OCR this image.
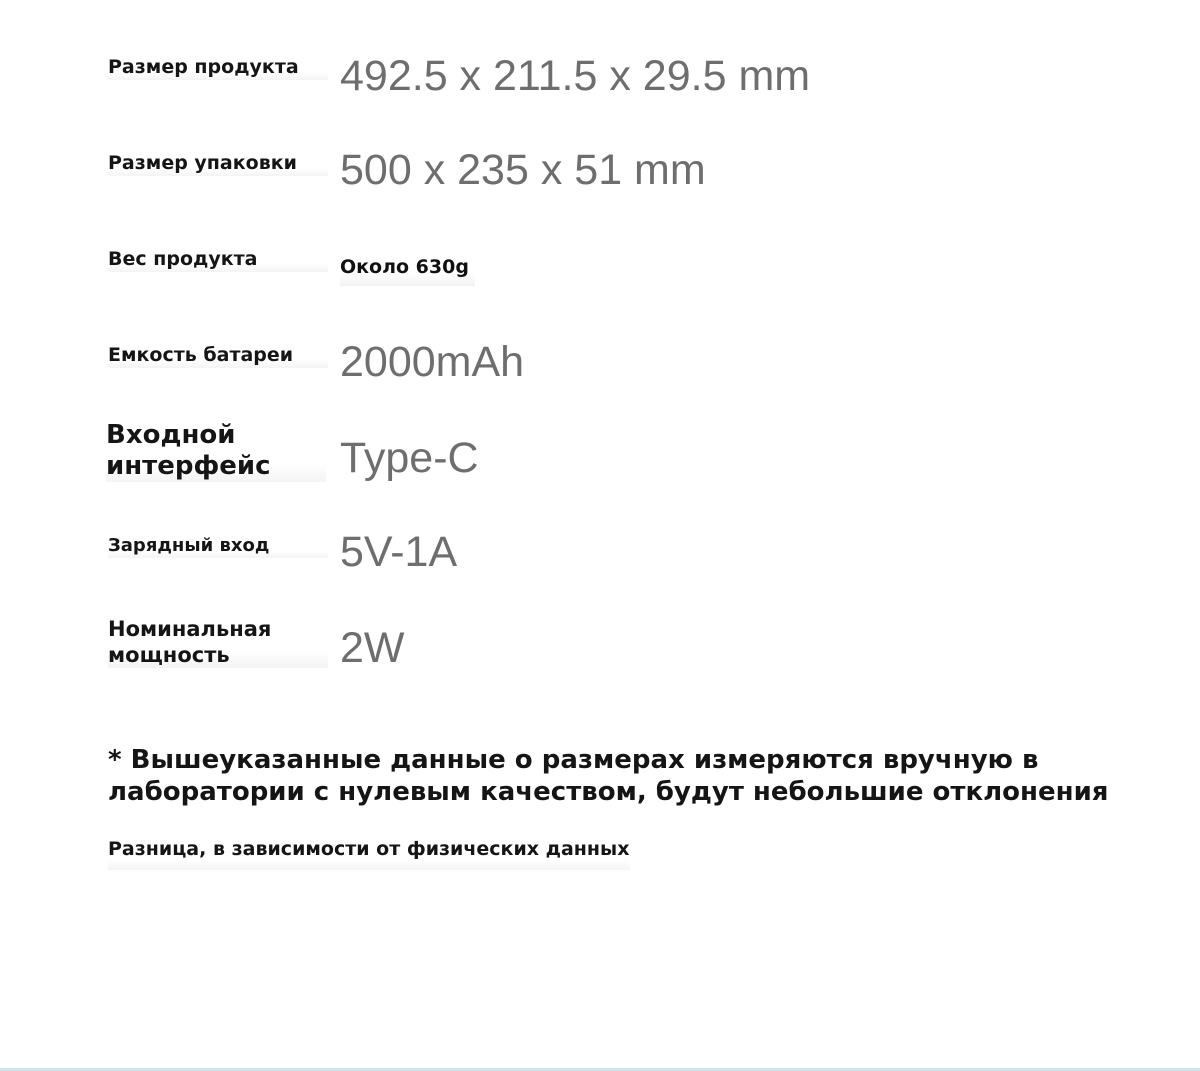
Размер продукта 492.5 x 211.5 x 29.5 mm
Размер упаковки	500 x 235 x 51 mm
Вес продукта	Около 630g
Емкость батареи	2000mAh
Входной
интерфейс	Type-C
Зарядный вход	5V-1A
Номинальная
мощность	2W
* Вышеуказанные данные о размерах измеряются вручную в
лаборатории с нулевым качеством, будут небольшие отклонения
Разница, в зависимости от физических данных
